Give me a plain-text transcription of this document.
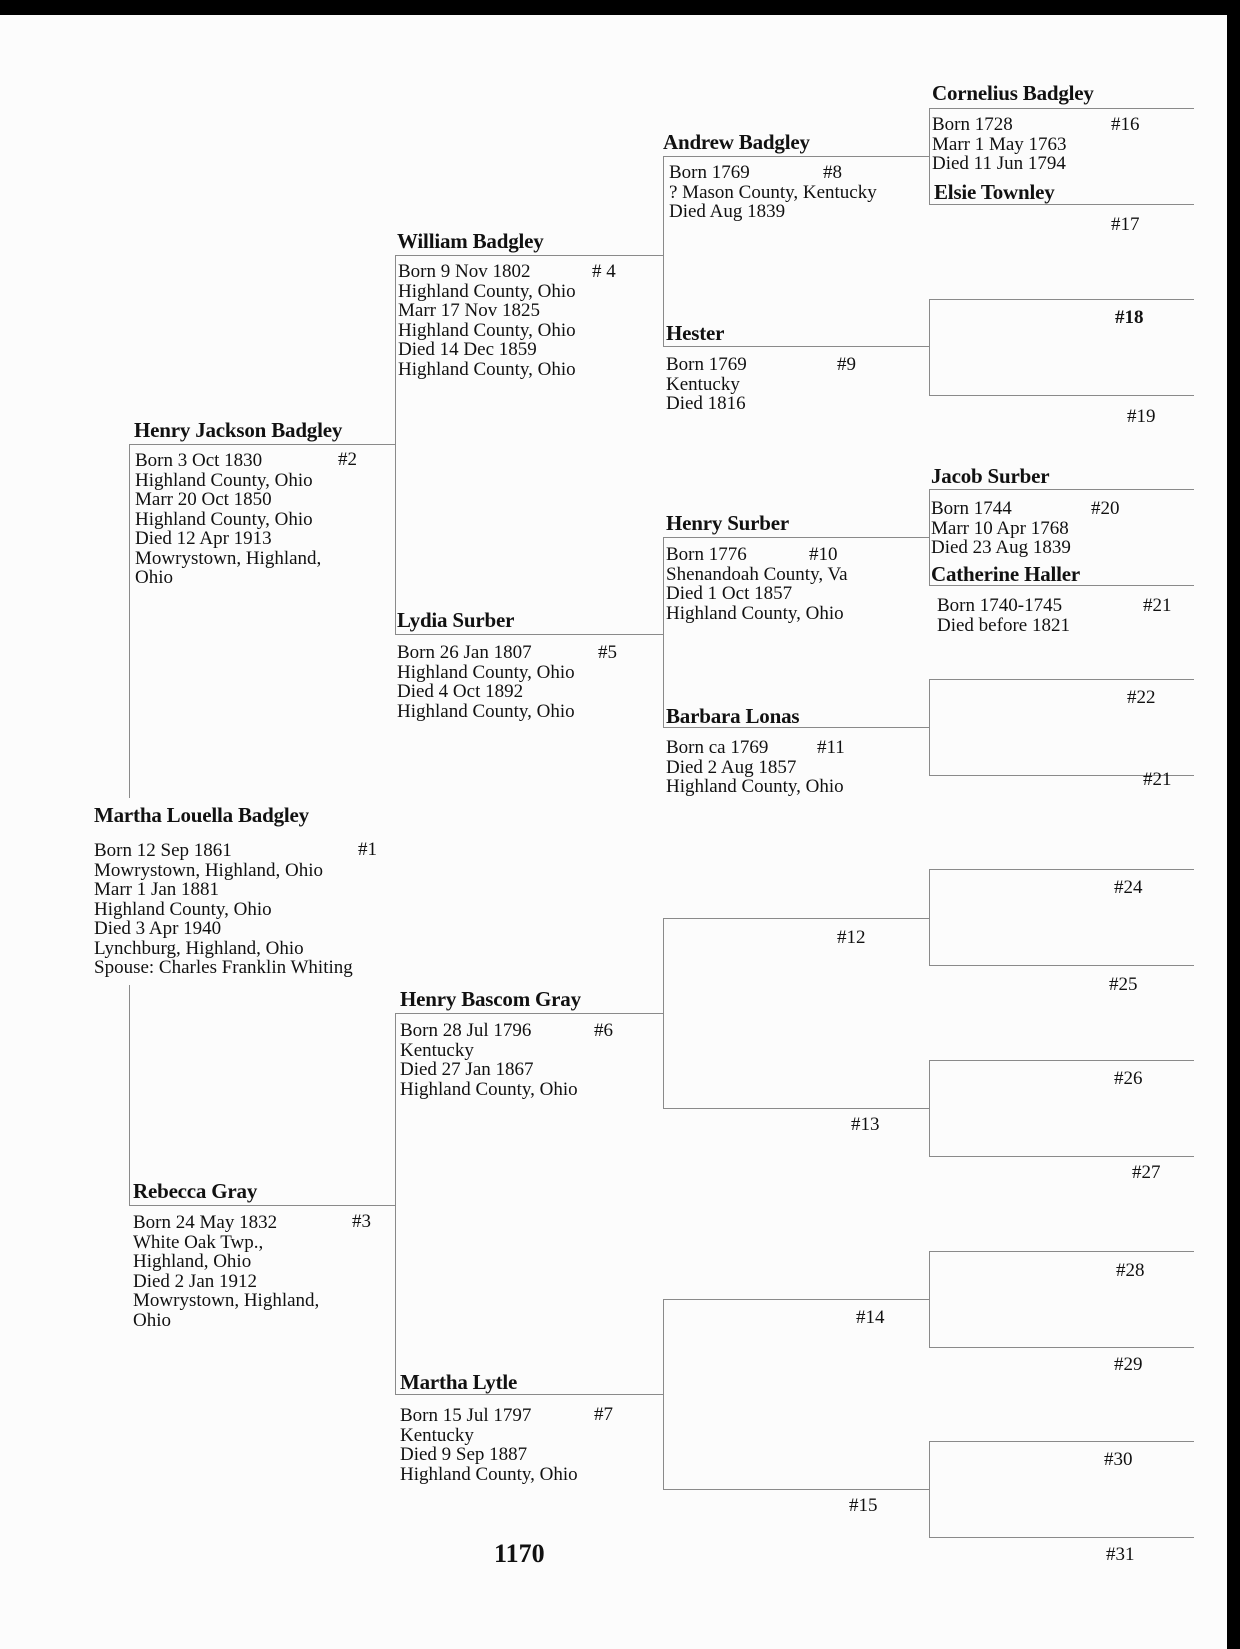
Martha Louella Badgley
Born 12 Sep 1861
Mowrystown, Highland, Ohio
Marr 1 Jan 1881
Highland County, Ohio
Died 3 Apr 1940
Lynchburg, Highland, Ohio
Spouse: Charles Franklin Whiting
#1
Henry Jackson Badgley
Born 3 Oct 1830
Highland County, Ohio
Marr 20 Oct 1850
Highland County, Ohio
Died 12 Apr 1913
Mowrystown, Highland,
Ohio
#2
Rebecca Gray
Born 24 May 1832
White Oak Twp.,
Highland, Ohio
Died 2 Jan 1912
Mowrystown, Highland,
Ohio
#3
William Badgley
Born 9 Nov 1802
Highland County, Ohio
Marr 17 Nov 1825
Highland County, Ohio
Died 14 Dec 1859
Highland County, Ohio
# 4
Lydia Surber
Born 26 Jan 1807
Highland County, Ohio
Died 4 Oct 1892
Highland County, Ohio
#5
Henry Bascom Gray
Born 28 Jul 1796
Kentucky
Died 27 Jan 1867
Highland County, Ohio
#6
Martha Lytle
Born 15 Jul 1797
Kentucky
Died 9 Sep 1887
Highland County, Ohio
#7
Andrew Badgley
Born 1769
? Mason County, Kentucky
Died Aug 1839
#8
Hester
Born 1769
Kentucky
Died 1816
#9
Henry Surber
Born 1776
Shenandoah County, Va
Died 1 Oct 1857
Highland County, Ohio
#10
Barbara Lonas
Born ca 1769
Died 2 Aug 1857
Highland County, Ohio
#11
Cornelius Badgley
Born 1728
Marr 1 May 1763
Died 11 Jun 1794
#16
Elsie Townley
#17
Jacob Surber
Born 1744
Marr 10 Apr 1768
Died 23 Aug 1839
#20
Catherine Haller
Born 1740-1745
Died before 1821
#21
#12
#13
#14
#15
#18
#19
#22
#21
#24
#25
#26
#27
#28
#29
#30
#31
1170
